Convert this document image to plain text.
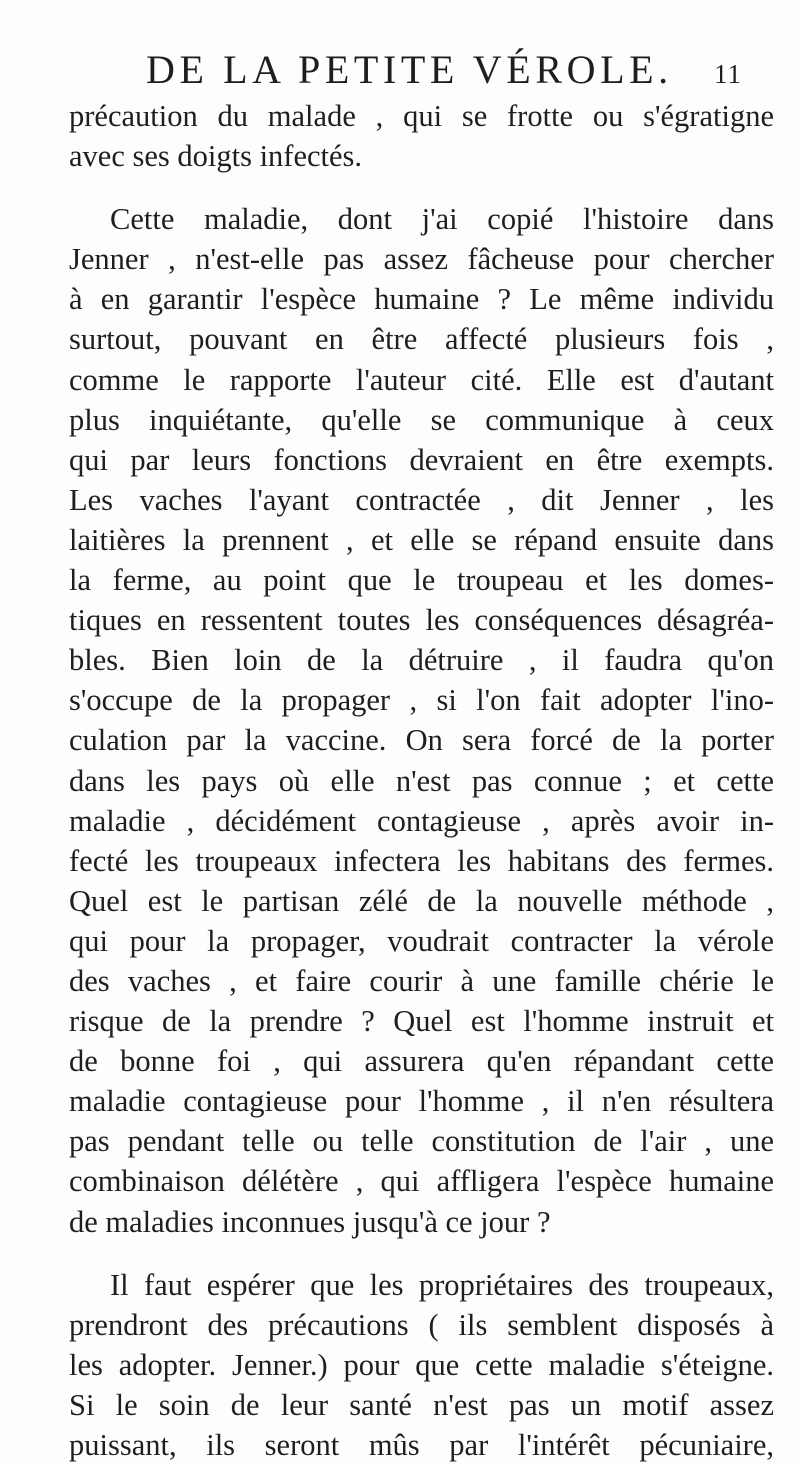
DE LA PETITE VÉROLE. 11
précaution du malade , qui se frotte ou s'égratigne
avec ses doigts infectés.
Cette maladie, dont j'ai copié l'histoire dans
Jenner , n'est-elle pas assez fâcheuse pour chercher
à en garantir l'espèce humaine ? Le même individu
surtout, pouvant en être affecté plusieurs fois ,
comme le rapporte l'auteur cité. Elle est d'autant
plus inquiétante, qu'elle se communique à ceux
qui par leurs fonctions devraient en être exempts.
Les vaches l'ayant contractée , dit Jenner , les
laitières la prennent , et elle se répand ensuite dans
la ferme, au point que le troupeau et les domes-
tiques en ressentent toutes les conséquences désagréa-
bles. Bien loin de la détruire , il faudra qu'on
s'occupe de la propager , si l'on fait adopter l'ino-
culation par la vaccine. On sera forcé de la porter
dans les pays où elle n'est pas connue ; et cette
maladie , décidément contagieuse , après avoir in-
fecté les troupeaux infectera les habitans des fermes.
Quel est le partisan zélé de la nouvelle méthode ,
qui pour la propager, voudrait contracter la vérole
des vaches , et faire courir à une famille chérie le
risque de la prendre ? Quel est l'homme instruit et
de bonne foi , qui assurera qu'en répandant cette
maladie contagieuse pour l'homme , il n'en résultera
pas pendant telle ou telle constitution de l'air , une
combinaison délétère , qui affligera l'espèce humaine
de maladies inconnues jusqu'à ce jour ?
Il faut espérer que les propriétaires des troupeaux,
prendront des précautions ( ils semblent disposés à
les adopter. Jenner.) pour que cette maladie s'éteigne.
Si le soin de leur santé n'est pas un motif assez
puissant, ils seront mûs par l'intérêt pécuniaire,
